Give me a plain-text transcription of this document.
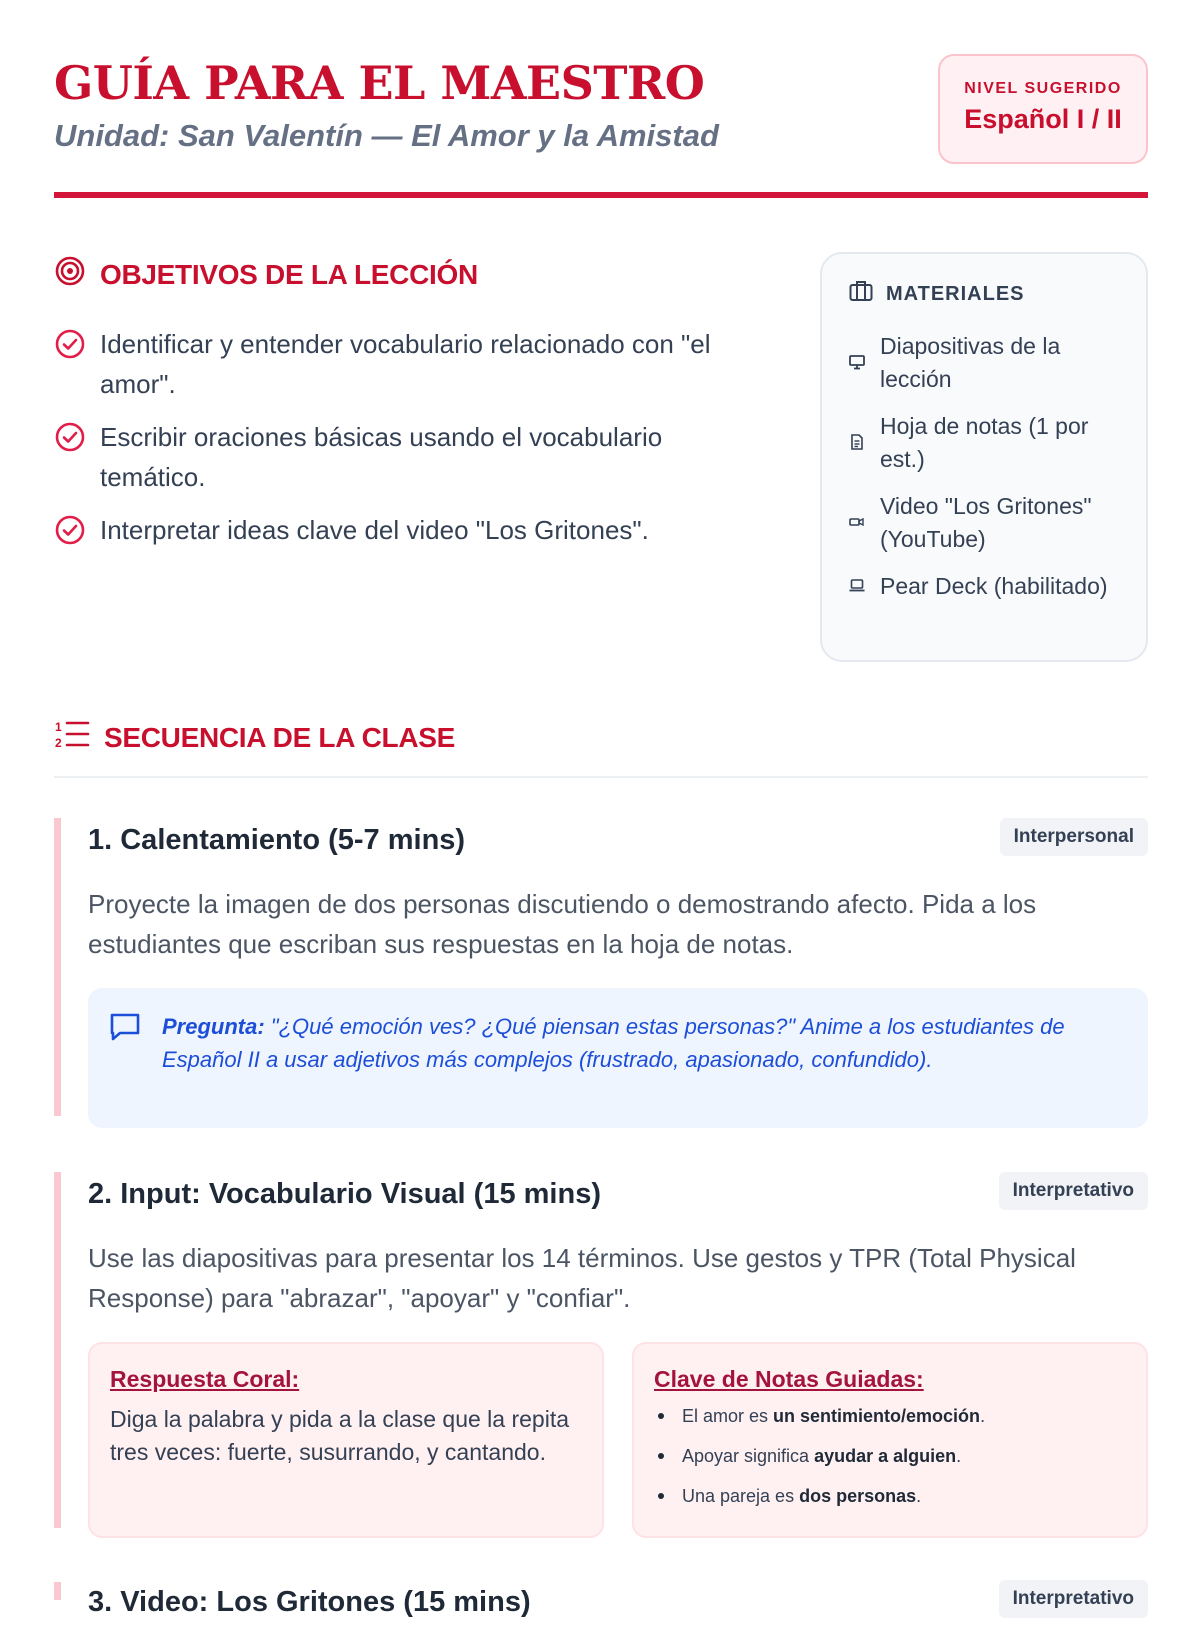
GUÍA PARA EL MAESTRO
Unidad: San Valentín — El Amor y la Amistad
NIVEL SUGERIDO
Español I / II
OBJETIVOS DE LA LECCIÓN
Identificar y entender vocabulario relacionado con "el amor".
Escribir oraciones básicas usando el vocabulario temático.
Interpretar ideas clave del video "Los Gritones".
MATERIALES
Diapositivas de la lección
Hoja de notas (1 por est.)
Video "Los Gritones" (YouTube)
Pear Deck (habilitado)
1
2 SECUENCIA DE LA CLASE
1. Calentamiento (5-7 mins)	Interpersonal
Proyecte la imagen de dos personas discutiendo o demostrando afecto. Pida a los estudiantes que escriban sus respuestas en la hoja de notas.
Pregunta: "¿Qué emoción ves? ¿Qué piensan estas personas?" Anime a los estudiantes de Español II a usar adjetivos más complejos (frustrado, apasionado, confundido).
2. Input: Vocabulario Visual (15 mins)	Interpretativo
Use las diapositivas para presentar los 14 términos. Use gestos y TPR (Total Physical Response) para "abrazar", "apoyar" y "confiar".
Respuesta Coral:
Diga la palabra y pida a la clase que la repita tres veces: fuerte, susurrando, y cantando.
Clave de Notas Guiadas:
El amor es un sentimiento/emoción.
Apoyar significa ayudar a alguien.
Una pareja es dos personas.
3. Video: Los Gritones (15 mins)	Interpretativo
